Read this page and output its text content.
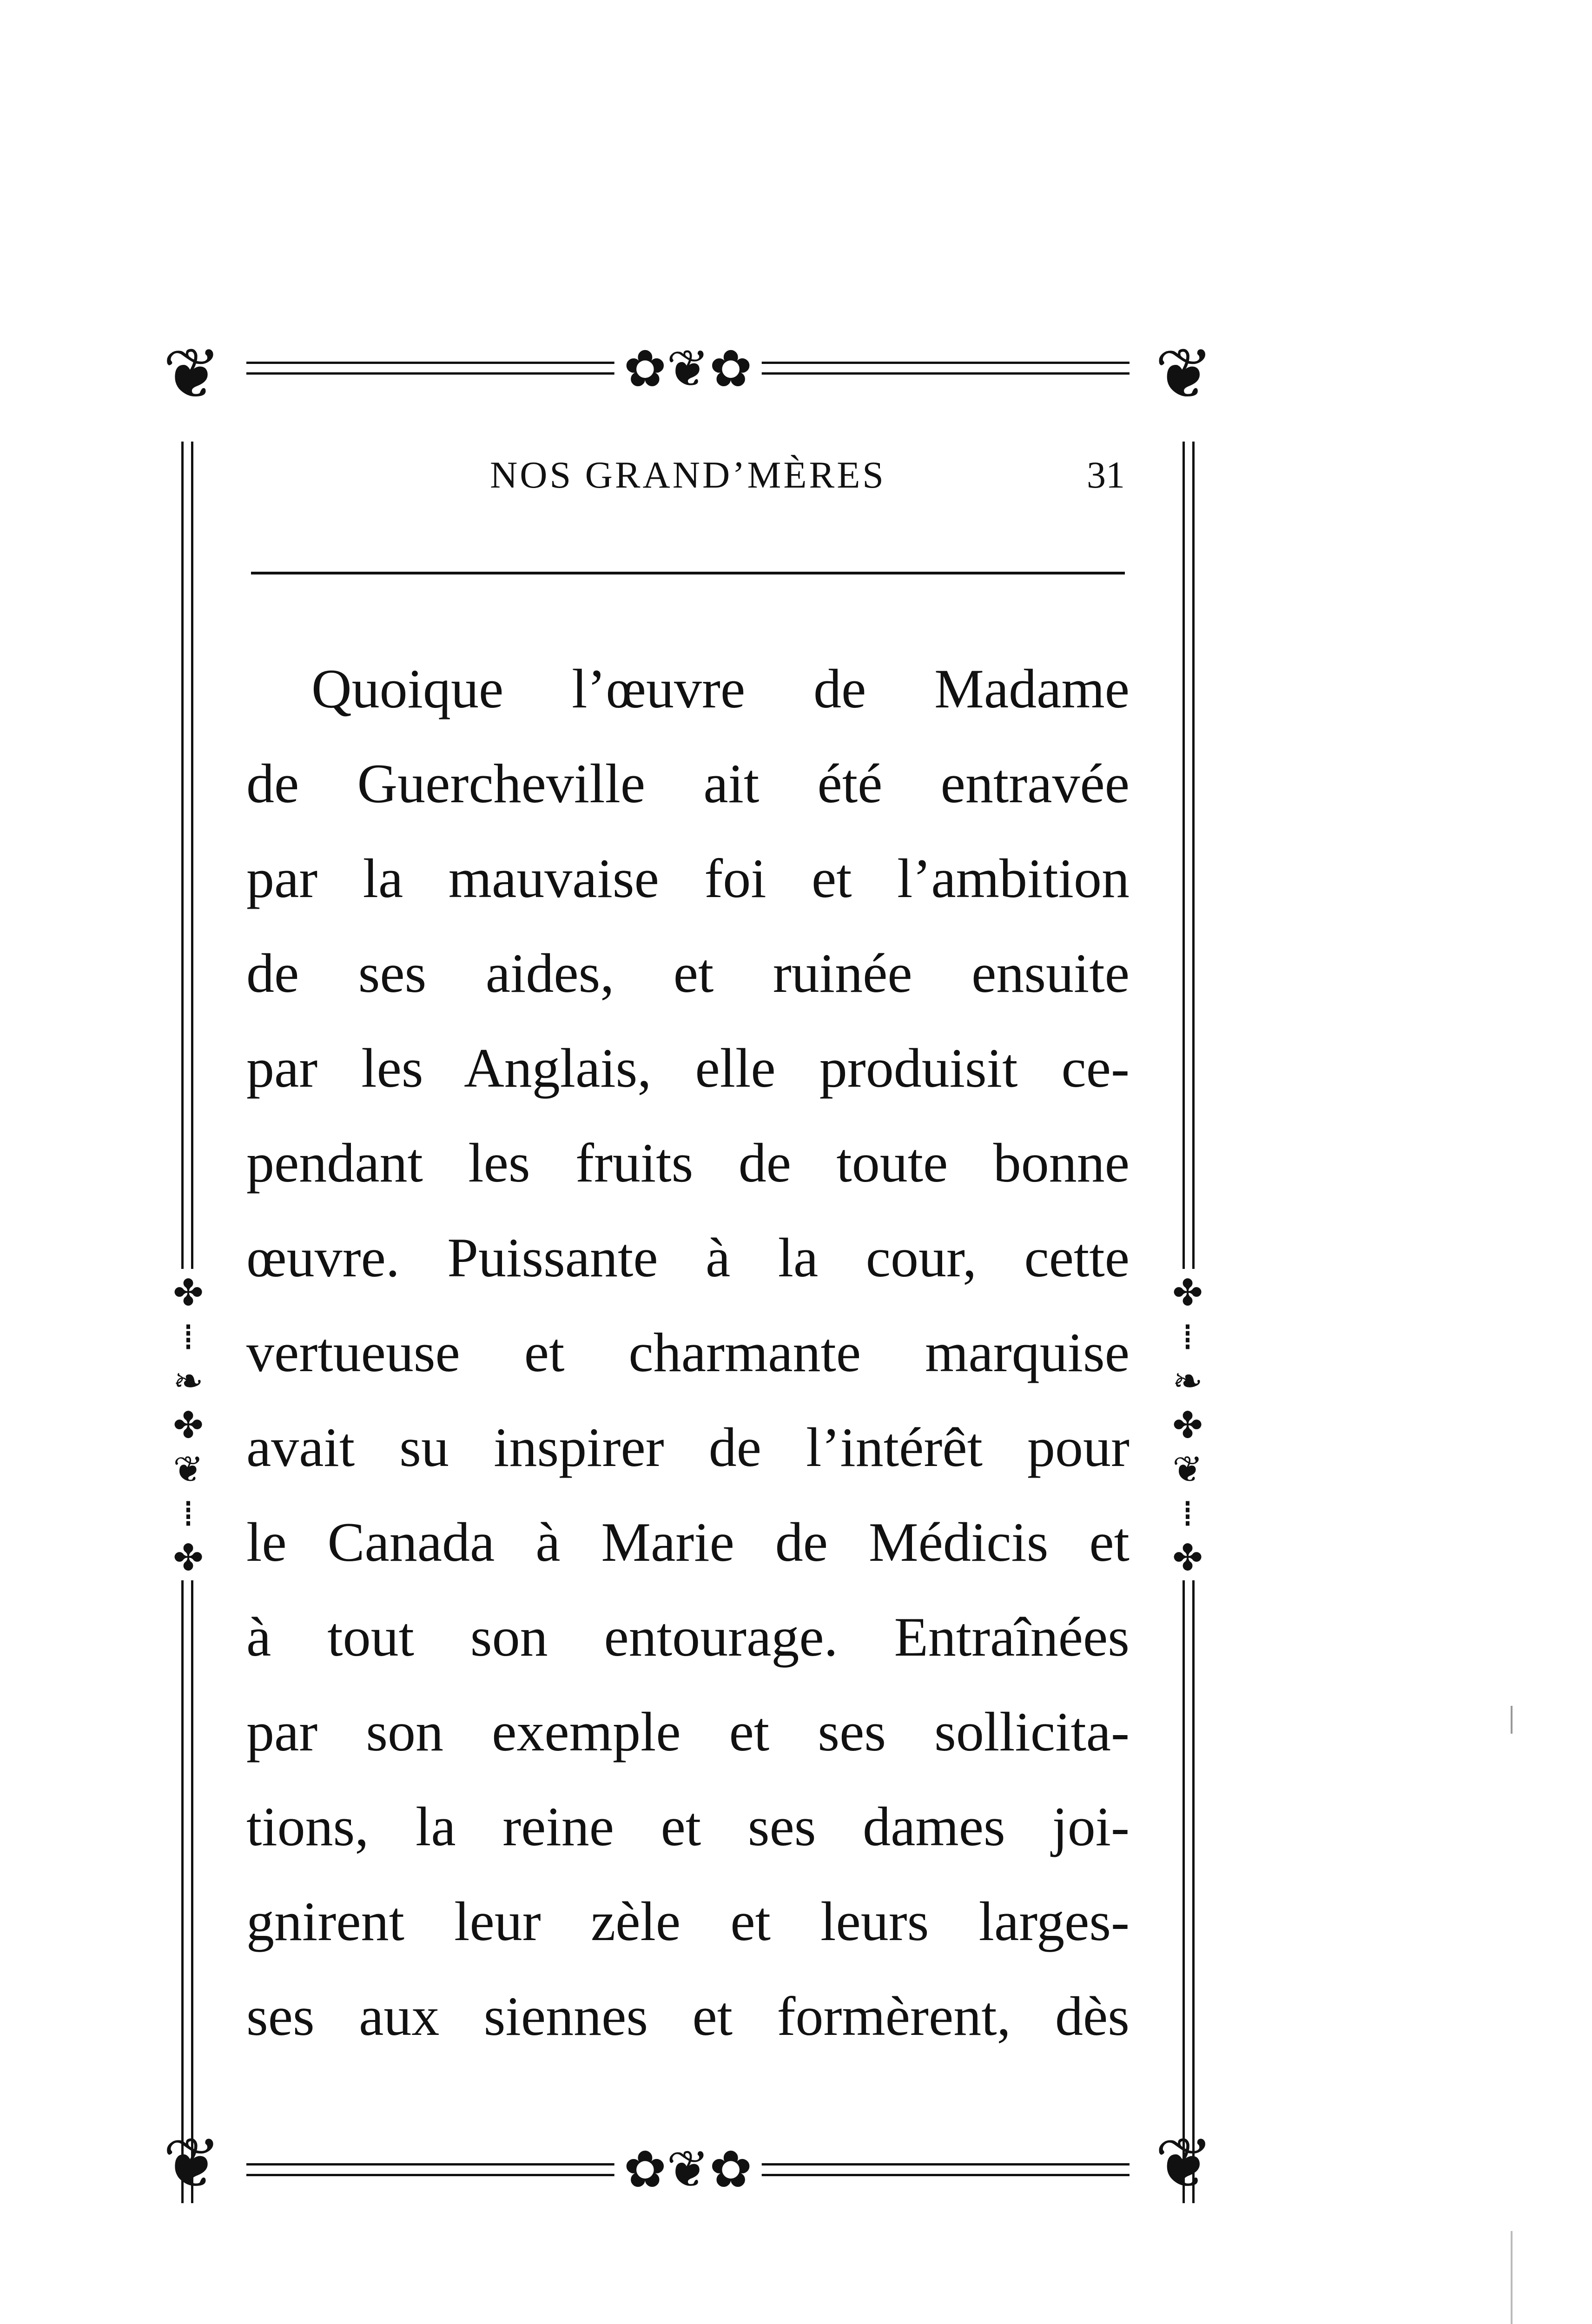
❦	❦
❦	❦
✿❦✿
✿❦✿
✤
⁞
❧
✤
❦
⁞
✤
✤
⁞
❧
✤
❦
⁞
✤
NOS GRAND’MÈRES	31
Quoique l’œuvre de Madame
de Guercheville ait été entravée
par la mauvaise foi et l’ambition
de ses aides, et ruinée ensuite
par les Anglais, elle produisit ce-
pendant les fruits de toute bonne
œuvre. Puissante à la cour, cette
vertueuse et charmante marquise
avait su inspirer de l’intérêt pour
le Canada à Marie de Médicis et
à tout son entourage. Entraînées
par son exemple et ses sollicita-
tions, la reine et ses dames joi-
gnirent leur zèle et leurs larges-
ses aux siennes et formèrent, dès
